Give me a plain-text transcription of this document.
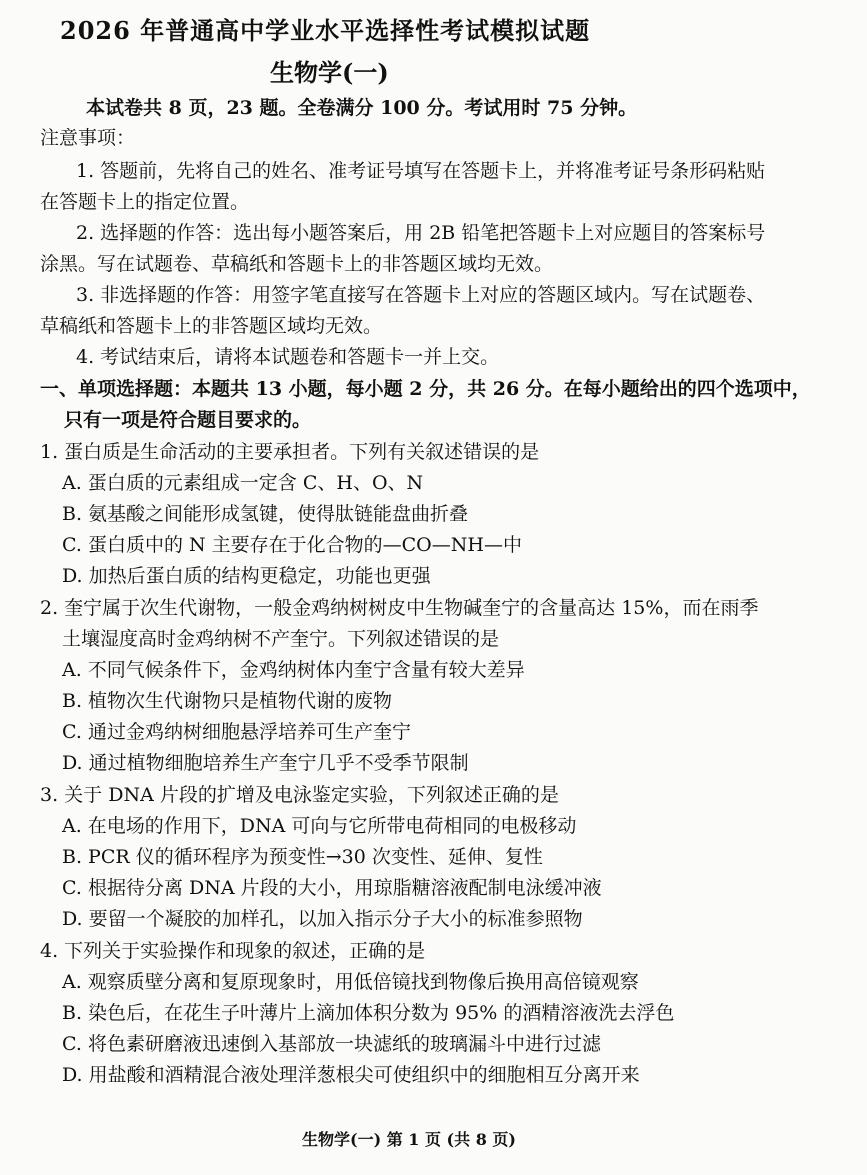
2026 年普通高中学业水平选择性考试模拟试题
生物学(一)
本试卷共 8 页，23 题。全卷满分 100 分。考试用时 75 分钟。
注意事项：
1. 答题前，先将自己的姓名、准考证号填写在答题卡上，并将准考证号条形码粘贴
在答题卡上的指定位置。
2. 选择题的作答：选出每小题答案后，用 2B 铅笔把答题卡上对应题目的答案标号
涂黑。写在试题卷、草稿纸和答题卡上的非答题区域均无效。
3. 非选择题的作答：用签字笔直接写在答题卡上对应的答题区域内。写在试题卷、
草稿纸和答题卡上的非答题区域均无效。
4. 考试结束后，请将本试题卷和答题卡一并上交。
一、单项选择题：本题共 13 小题，每小题 2 分，共 26 分。在每小题给出的四个选项中，
只有一项是符合题目要求的。
1. 蛋白质是生命活动的主要承担者。下列有关叙述错误的是
A. 蛋白质的元素组成一定含 C、H、O、N
B. 氨基酸之间能形成氢键，使得肽链能盘曲折叠
C. 蛋白质中的 N 主要存在于化合物的—CO—NH—中
D. 加热后蛋白质的结构更稳定，功能也更强
2. 奎宁属于次生代谢物，一般金鸡纳树树皮中生物碱奎宁的含量高达 15%，而在雨季
土壤湿度高时金鸡纳树不产奎宁。下列叙述错误的是
A. 不同气候条件下，金鸡纳树体内奎宁含量有较大差异
B. 植物次生代谢物只是植物代谢的废物
C. 通过金鸡纳树细胞悬浮培养可生产奎宁
D. 通过植物细胞培养生产奎宁几乎不受季节限制
3. 关于 DNA 片段的扩增及电泳鉴定实验，下列叙述正确的是
A. 在电场的作用下，DNA 可向与它所带电荷相同的电极移动
B. PCR 仪的循环程序为预变性→30 次变性、延伸、复性
C. 根据待分离 DNA 片段的大小，用琼脂糖溶液配制电泳缓冲液
D. 要留一个凝胶的加样孔，以加入指示分子大小的标准参照物
4. 下列关于实验操作和现象的叙述，正确的是
A. 观察质壁分离和复原现象时，用低倍镜找到物像后换用高倍镜观察
B. 染色后，在花生子叶薄片上滴加体积分数为 95% 的酒精溶液洗去浮色
C. 将色素研磨液迅速倒入基部放一块滤纸的玻璃漏斗中进行过滤
D. 用盐酸和酒精混合液处理洋葱根尖可使组织中的细胞相互分离开来
生物学(一) 第 1 页 (共 8 页)
